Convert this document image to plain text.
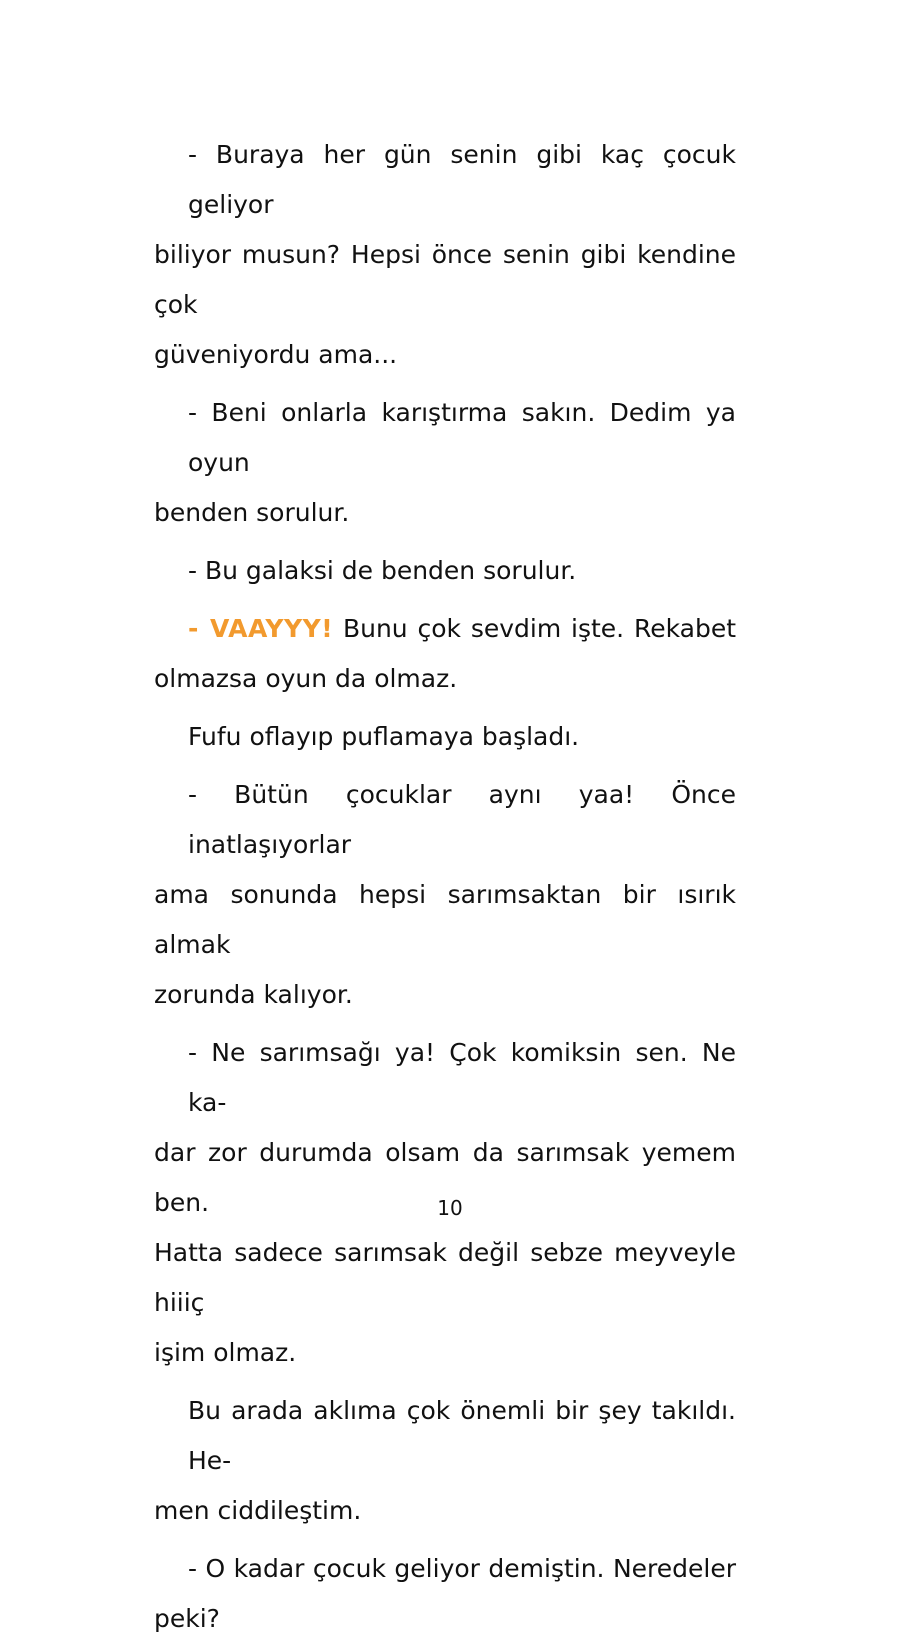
- Buraya her gün senin gibi kaç çocuk geliyor
biliyor musun? Hepsi önce senin gibi kendine çok
güveniyordu ama...
- Beni onlarla karıştırma sakın. Dedim ya oyun
benden sorulur.
- Bu galaksi de benden sorulur.
- VAAYYY! Bunu çok sevdim işte. Rekabet
olmazsa oyun da olmaz.
Fufu oflayıp puflamaya başladı.
- Bütün çocuklar aynı yaa! Önce inatlaşıyorlar
ama sonunda hepsi sarımsaktan bir ısırık almak
zorunda kalıyor.
- Ne sarımsağı ya! Çok komiksin sen. Ne ka-
dar zor durumda olsam da sarımsak yemem ben.
Hatta sadece sarımsak değil sebze meyveyle hiiiç
işim olmaz.
Bu arada aklıma çok önemli bir şey takıldı. He-
men ciddileştim.
- O kadar çocuk geliyor demiştin. Neredeler
peki?
10
